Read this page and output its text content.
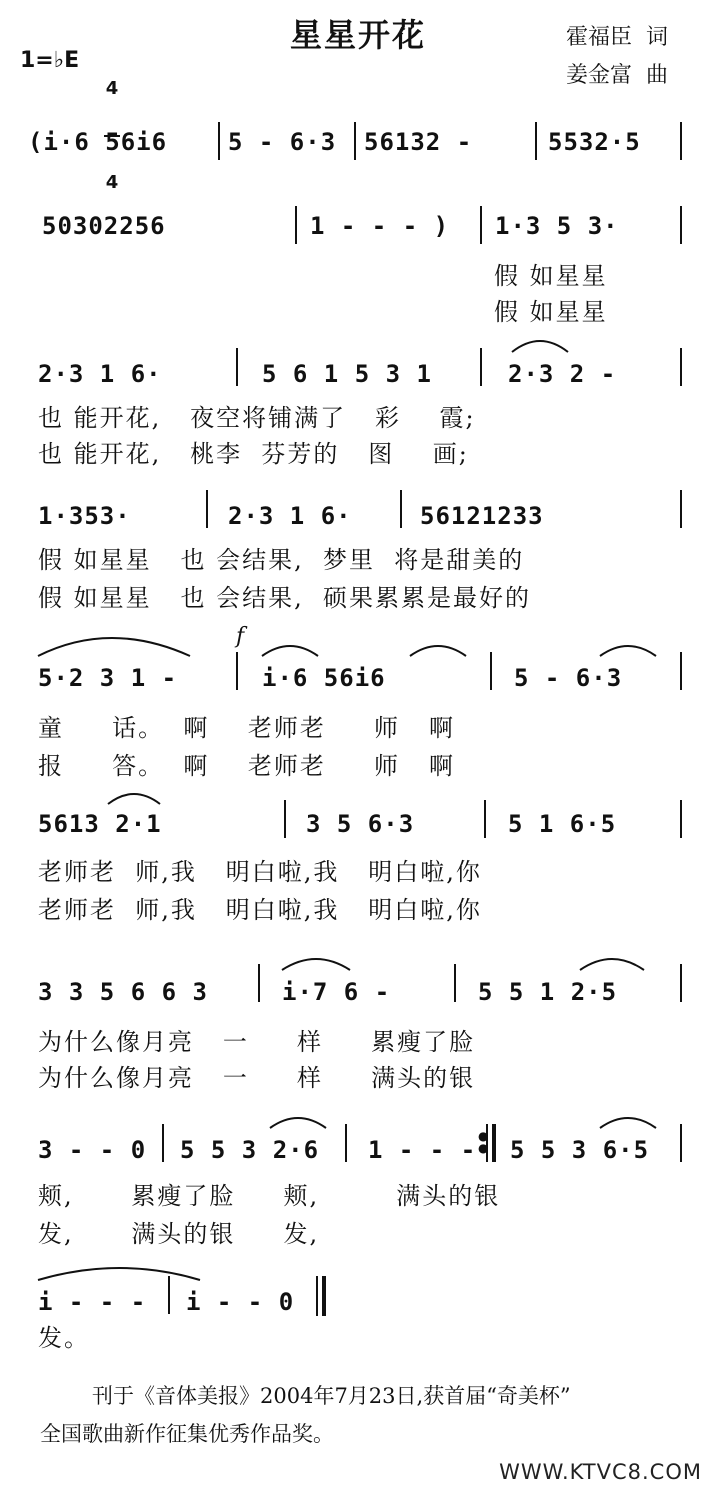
星星开花	霍福臣  词
姜金富  曲
1=♭E

4

4

(i·6 56i6	5 - 6·3 56132 -	5532·5
50302256	1 - - - ) 1·3 5 3·
假 如星星
假 如星星
2·3 1 6·	5 6 1 5 3 1	2·3 2 -
也 能开花,   夜空将铺满了   彩    霞;
也 能开花,   桃李  芬芳的   图    画;
1·353·	2·3 1 6·	56121233
假 如星星   也 会结果,  梦里  将是甜美的
假 如星星   也 会结果,  硕果累累是最好的
f
5·2 3 1 -	i·6 56i6	5 - 6·3
童     话。  啊    老师老     师   啊
报     答。  啊    老师老     师   啊
5613 2·1	3 5 6·3	5 1 6·5
老师老  师,我   明白啦,我   明白啦,你
老师老  师,我   明白啦,我   明白啦,你
3 3 5 6 6 3	i·7 6 -	5 5 1 2·5
为什么像月亮   一     样     累瘦了脸
为什么像月亮   一     样     满头的银
3 - - 0 5 5 3 2·6 1 - - - 5 5 3 6·5
●
●
颊,      累瘦了脸     颊,        满头的银
发,      满头的银     发,
i - - - i - - 0
发。
刊于《音体美报》2004年7月23日,获首届“奇美杯”
全国歌曲新作征集优秀作品奖。
WWW.KTVC8.COM
